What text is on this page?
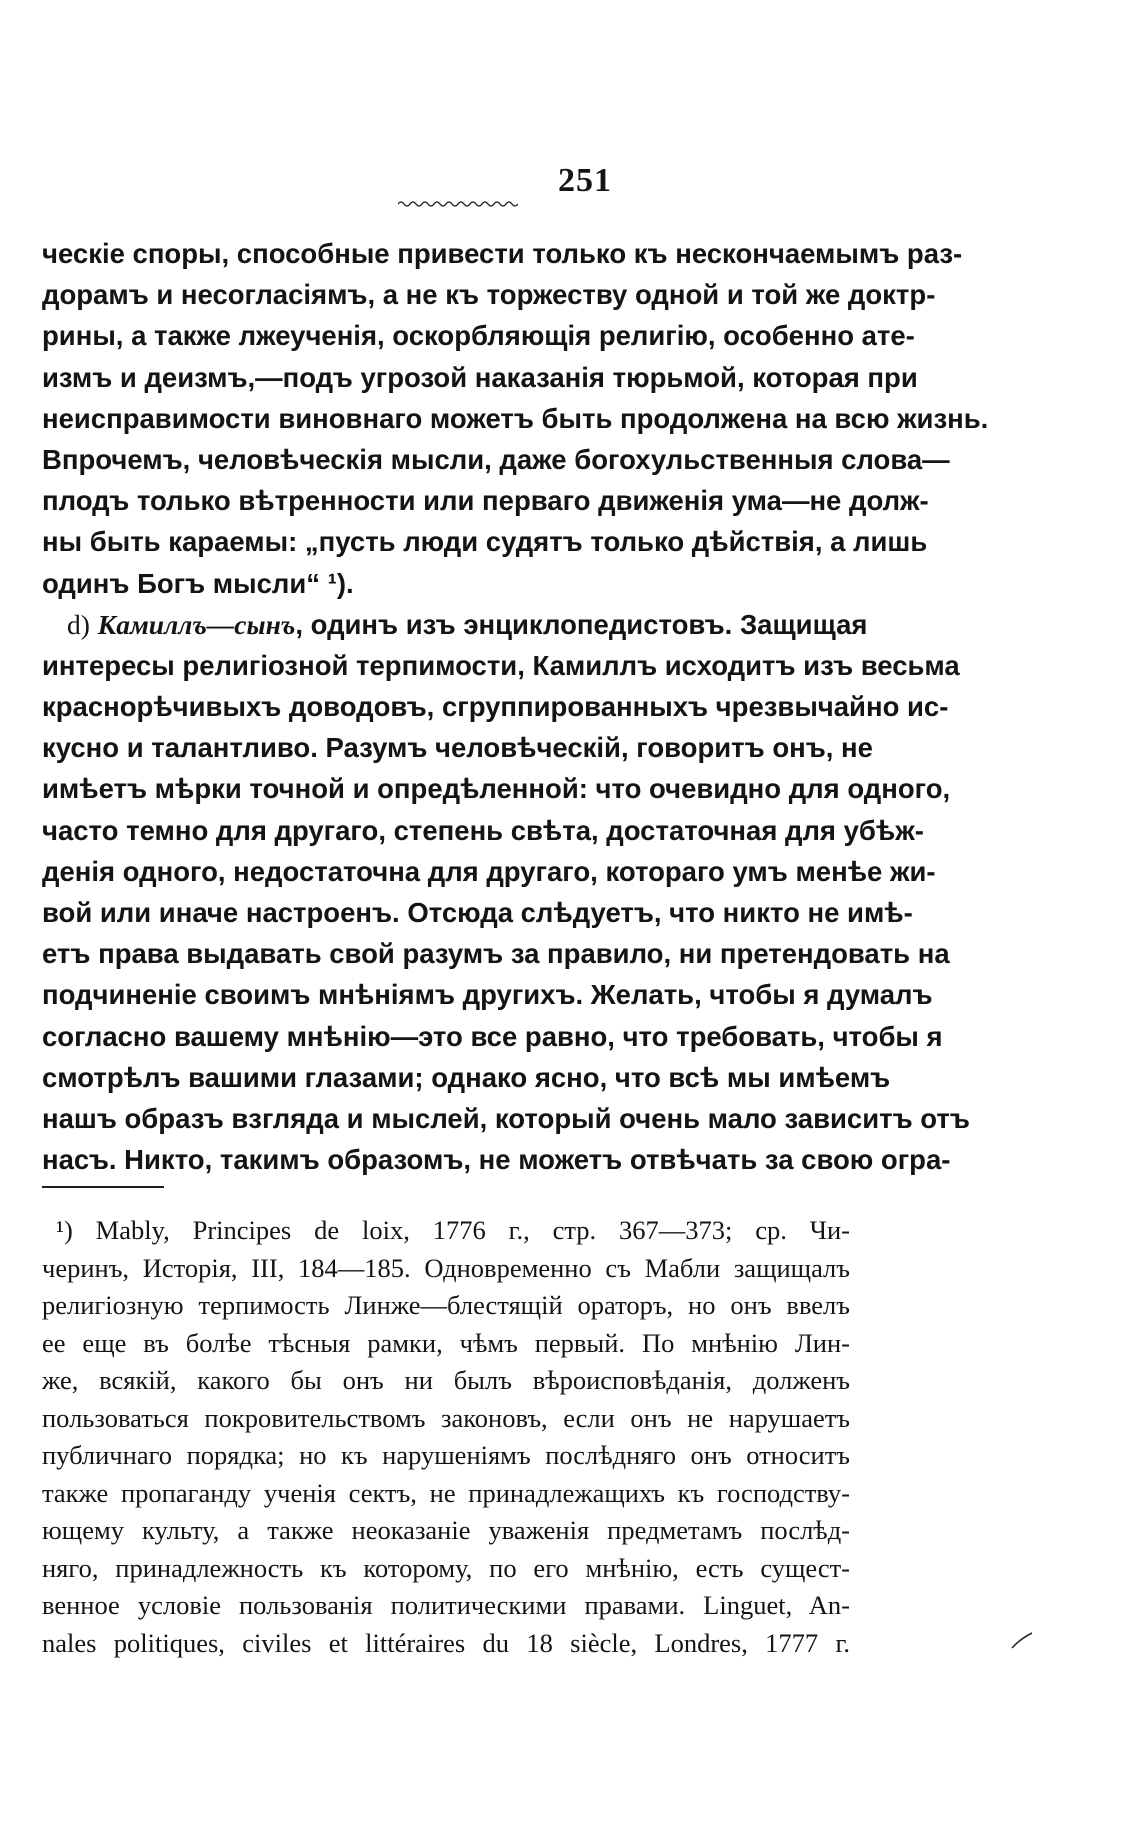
251
ческіе споры, способные привести только къ нескончаемымъ раз-
дорамъ и несогласіямъ, а не къ торжеству одной и той же доктр-
рины, а также лжеученія, оскорбляющія религію, особенно ате-
измъ и деизмъ,—подъ угрозой наказанія тюрьмой, которая при
неисправимости виновнаго можетъ быть продолжена на всю жизнь.
Впрочемъ, человѣческія мысли, даже богохульственныя слова—
плодъ только вѣтренности или перваго движенія ума—не долж-
ны быть караемы: „пусть люди судятъ только дѣйствія, а лишь
одинъ Богъ мысли“ ¹).
d) Камиллъ—сынъ, одинъ изъ энциклопедистовъ. Защищая
интересы религіозной терпимости, Камиллъ исходитъ изъ весьма
краснорѣчивыхъ доводовъ, сгруппированныхъ чрезвычайно ис-
кусно и талантливо. Разумъ человѣческій, говоритъ онъ, не
имѣетъ мѣрки точной и опредѣленной: что очевидно для одного,
часто темно для другаго, степень свѣта, достаточная для убѣж-
денія одного, недостаточна для другаго, котораго умъ менѣе жи-
вой или иначе настроенъ. Отсюда слѣдуетъ, что никто не имѣ-
етъ права выдавать свой разумъ за правило, ни претендовать на
подчиненіе своимъ мнѣніямъ другихъ. Желать, чтобы я думалъ
согласно вашему мнѣнію—это все равно, что требовать, чтобы я
смотрѣлъ вашими глазами; однако ясно, что всѣ мы имѣемъ
нашъ образъ взгляда и мыслей, который очень мало зависитъ отъ
насъ. Никто, такимъ образомъ, не можетъ отвѣчать за свою огра-
¹) Mably, Principes de loix, 1776 г., стр. 367—373; ср. Чи-
черинъ, Исторія, III, 184—185. Одновременно съ Мабли защищалъ
религіозную терпимость Линже—блестящій ораторъ, но онъ ввелъ
ее еще въ болѣе тѣсныя рамки, чѣмъ первый. По мнѣнію Лин-
же, всякій, какого бы онъ ни былъ вѣроисповѣданія, долженъ
пользоваться покровительствомъ законовъ, если онъ не нарушаетъ
публичнаго порядка; но къ нарушеніямъ послѣдняго онъ относитъ
также пропаганду ученія сектъ, не принадлежащихъ къ господству-
ющему культу, а также неоказаніе уваженія предметамъ послѣд-
няго, принадлежность къ которому, по его мнѣнію, есть сущест-
венное условіе пользованія политическими правами. Linguet, An-
nales politiques, civiles et littéraires du 18 siècle, Londres, 1777 г.
